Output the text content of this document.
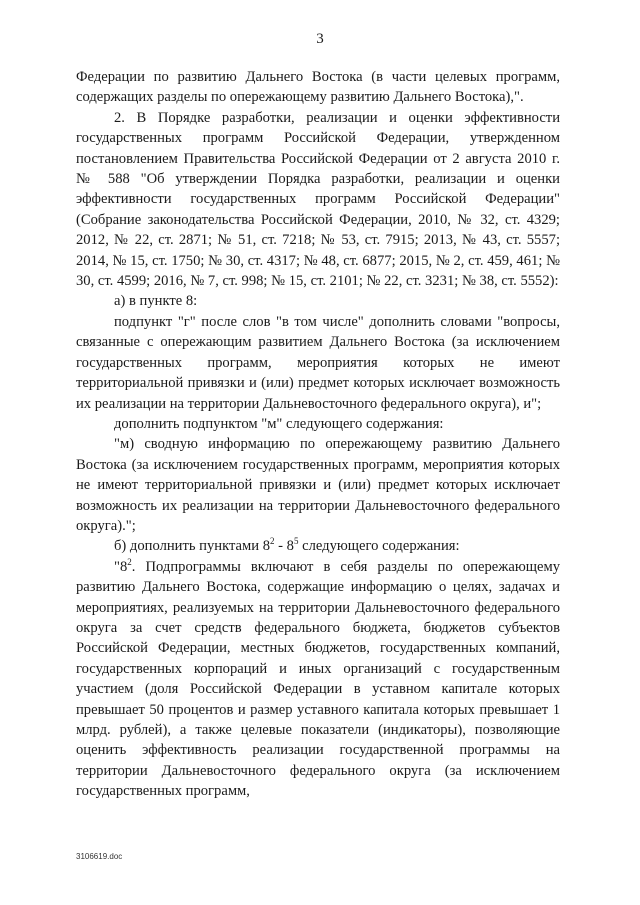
3

Федерации по развитию Дальнего Востока (в части целевых программ, содержащих разделы по опережающему развитию Дальнего Востока),".

2. В Порядке разработки, реализации и оценки эффективности государственных программ Российской Федерации, утвержденном постановлением Правительства Российской Федерации от 2 августа 2010 г. № 588 "Об утверждении Порядка разработки, реализации и оценки эффективности государственных программ Российской Федерации" (Собрание законодательства Российской Федерации, 2010, № 32, ст. 4329; 2012, № 22, ст. 2871; № 51, ст. 7218; № 53, ст. 7915; 2013, № 43, ст. 5557; 2014, № 15, ст. 1750; № 30, ст. 4317; № 48, ст. 6877; 2015, № 2, ст. 459, 461; № 30, ст. 4599; 2016, № 7, ст. 998; № 15, ст. 2101; № 22, ст. 3231; № 38, ст. 5552):

а) в пункте 8:

подпункт "г" после слов "в том числе" дополнить словами "вопросы, связанные с опережающим развитием Дальнего Востока (за исключением государственных программ, мероприятия которых не имеют территориальной привязки и (или) предмет которых исключает возможность их реализации на территории Дальневосточного федерального округа), и";

дополнить подпунктом "м" следующего содержания:

"м) сводную информацию по опережающему развитию Дальнего Востока (за исключением государственных программ, мероприятия которых не имеют территориальной привязки и (или) предмет которых исключает возможность их реализации на территории Дальневосточного федерального округа).";

б) дополнить пунктами $8^2 - 8^5$ следующего содержания:

"$8^2$. Подпрограммы включают в себя разделы по опережающему развитию Дальнего Востока, содержащие информацию о целях, задачах и мероприятиях, реализуемых на территории Дальневосточного федерального округа за счет средств федерального бюджета, бюджетов субъектов Российской Федерации, местных бюджетов, государственных компаний, государственных корпораций и иных организаций с государственным участием (доля Российской Федерации в уставном капитале которых превышает 50 процентов и размер уставного капитала которых превышает 1 млрд. рублей), а также целевые показатели (индикаторы), позволяющие оценить эффективность реализации государственной программы на территории Дальневосточного федерального округа (за исключением государственных программ,

3106619.doc
